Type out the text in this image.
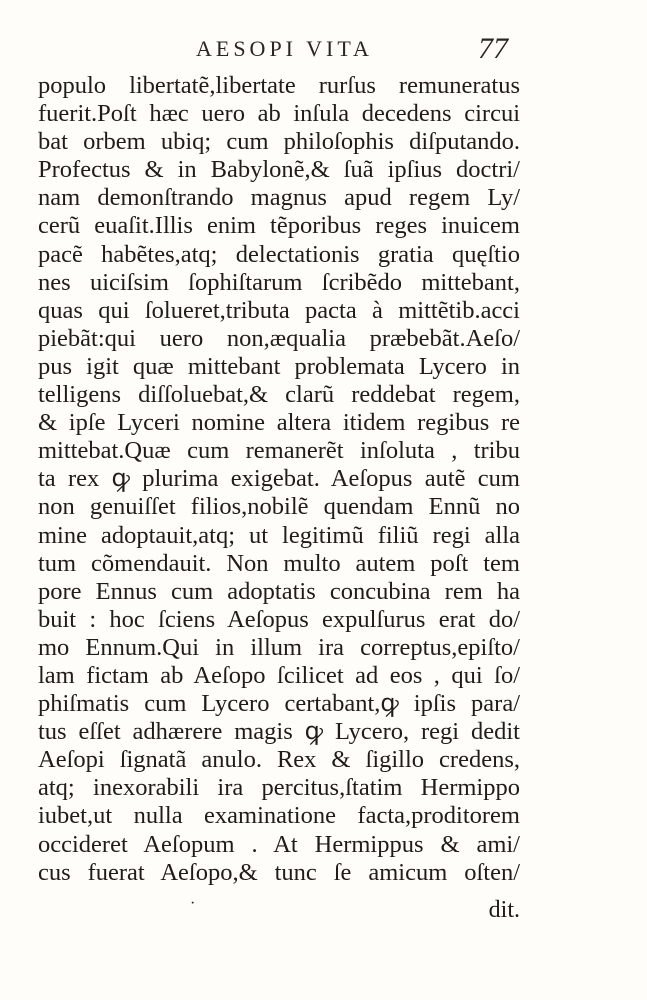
AESOPI VITA	77
populo libertatẽ,libertate rurſus remuneratus
fuerit.Poſt hæc uero ab inſula decedens circui
bat orbem ubiq; cum philoſophis diſputando.
Profectus & in Babylonẽ,& ſuã ipſius doctri/
nam demonſtrando magnus apud regem Ly/
cerũ euaſit.Illis enim tẽporibus reges inuicem
pacẽ habẽtes,atq; delectationis gratia quęſtio
nes uiciſsim ſophiſtarum ſcribẽdo mittebant,
quas qui ſolueret,tributa pacta à mittẽtib.acci
piebãt:qui uero non,æqualia præbebãt.Aeſo/
pus igit quæ mittebant problemata Lycero in
telligens diſſoluebat,& clarũ reddebat regem,
& ipſe Lyceri nomine altera itidem regibus re
mittebat.Quæ cum remanerẽt inſoluta , tribu
ta rex ꝙ plurima exigebat. Aeſopus autẽ cum
non genuiſſet filios,nobilẽ quendam Ennũ no
mine adoptauit,atq; ut legitimũ filiũ regi alla
tum cõmendauit. Non multo autem poſt tem
pore Ennus cum adoptatis concubina rem ha
buit : hoc ſciens Aeſopus expulſurus erat do/
mo Ennum.Qui in illum ira correptus,epiſto/
lam fictam ab Aeſopo ſcilicet ad eos , qui ſo/
phiſmatis cum Lycero certabant,ꝙ ipſis para/
tus eſſet adhærere magis ꝙ Lycero, regi dedit
Aeſopi ſignatã anulo. Rex & ſigillo credens,
atq; inexorabili ira percitus,ſtatim Hermippo
iubet,ut nulla examinatione facta,proditorem
occideret Aeſopum . At Hermippus & ami/
cus fuerat Aeſopo,& tunc ſe amicum oſten/
·	dit.
